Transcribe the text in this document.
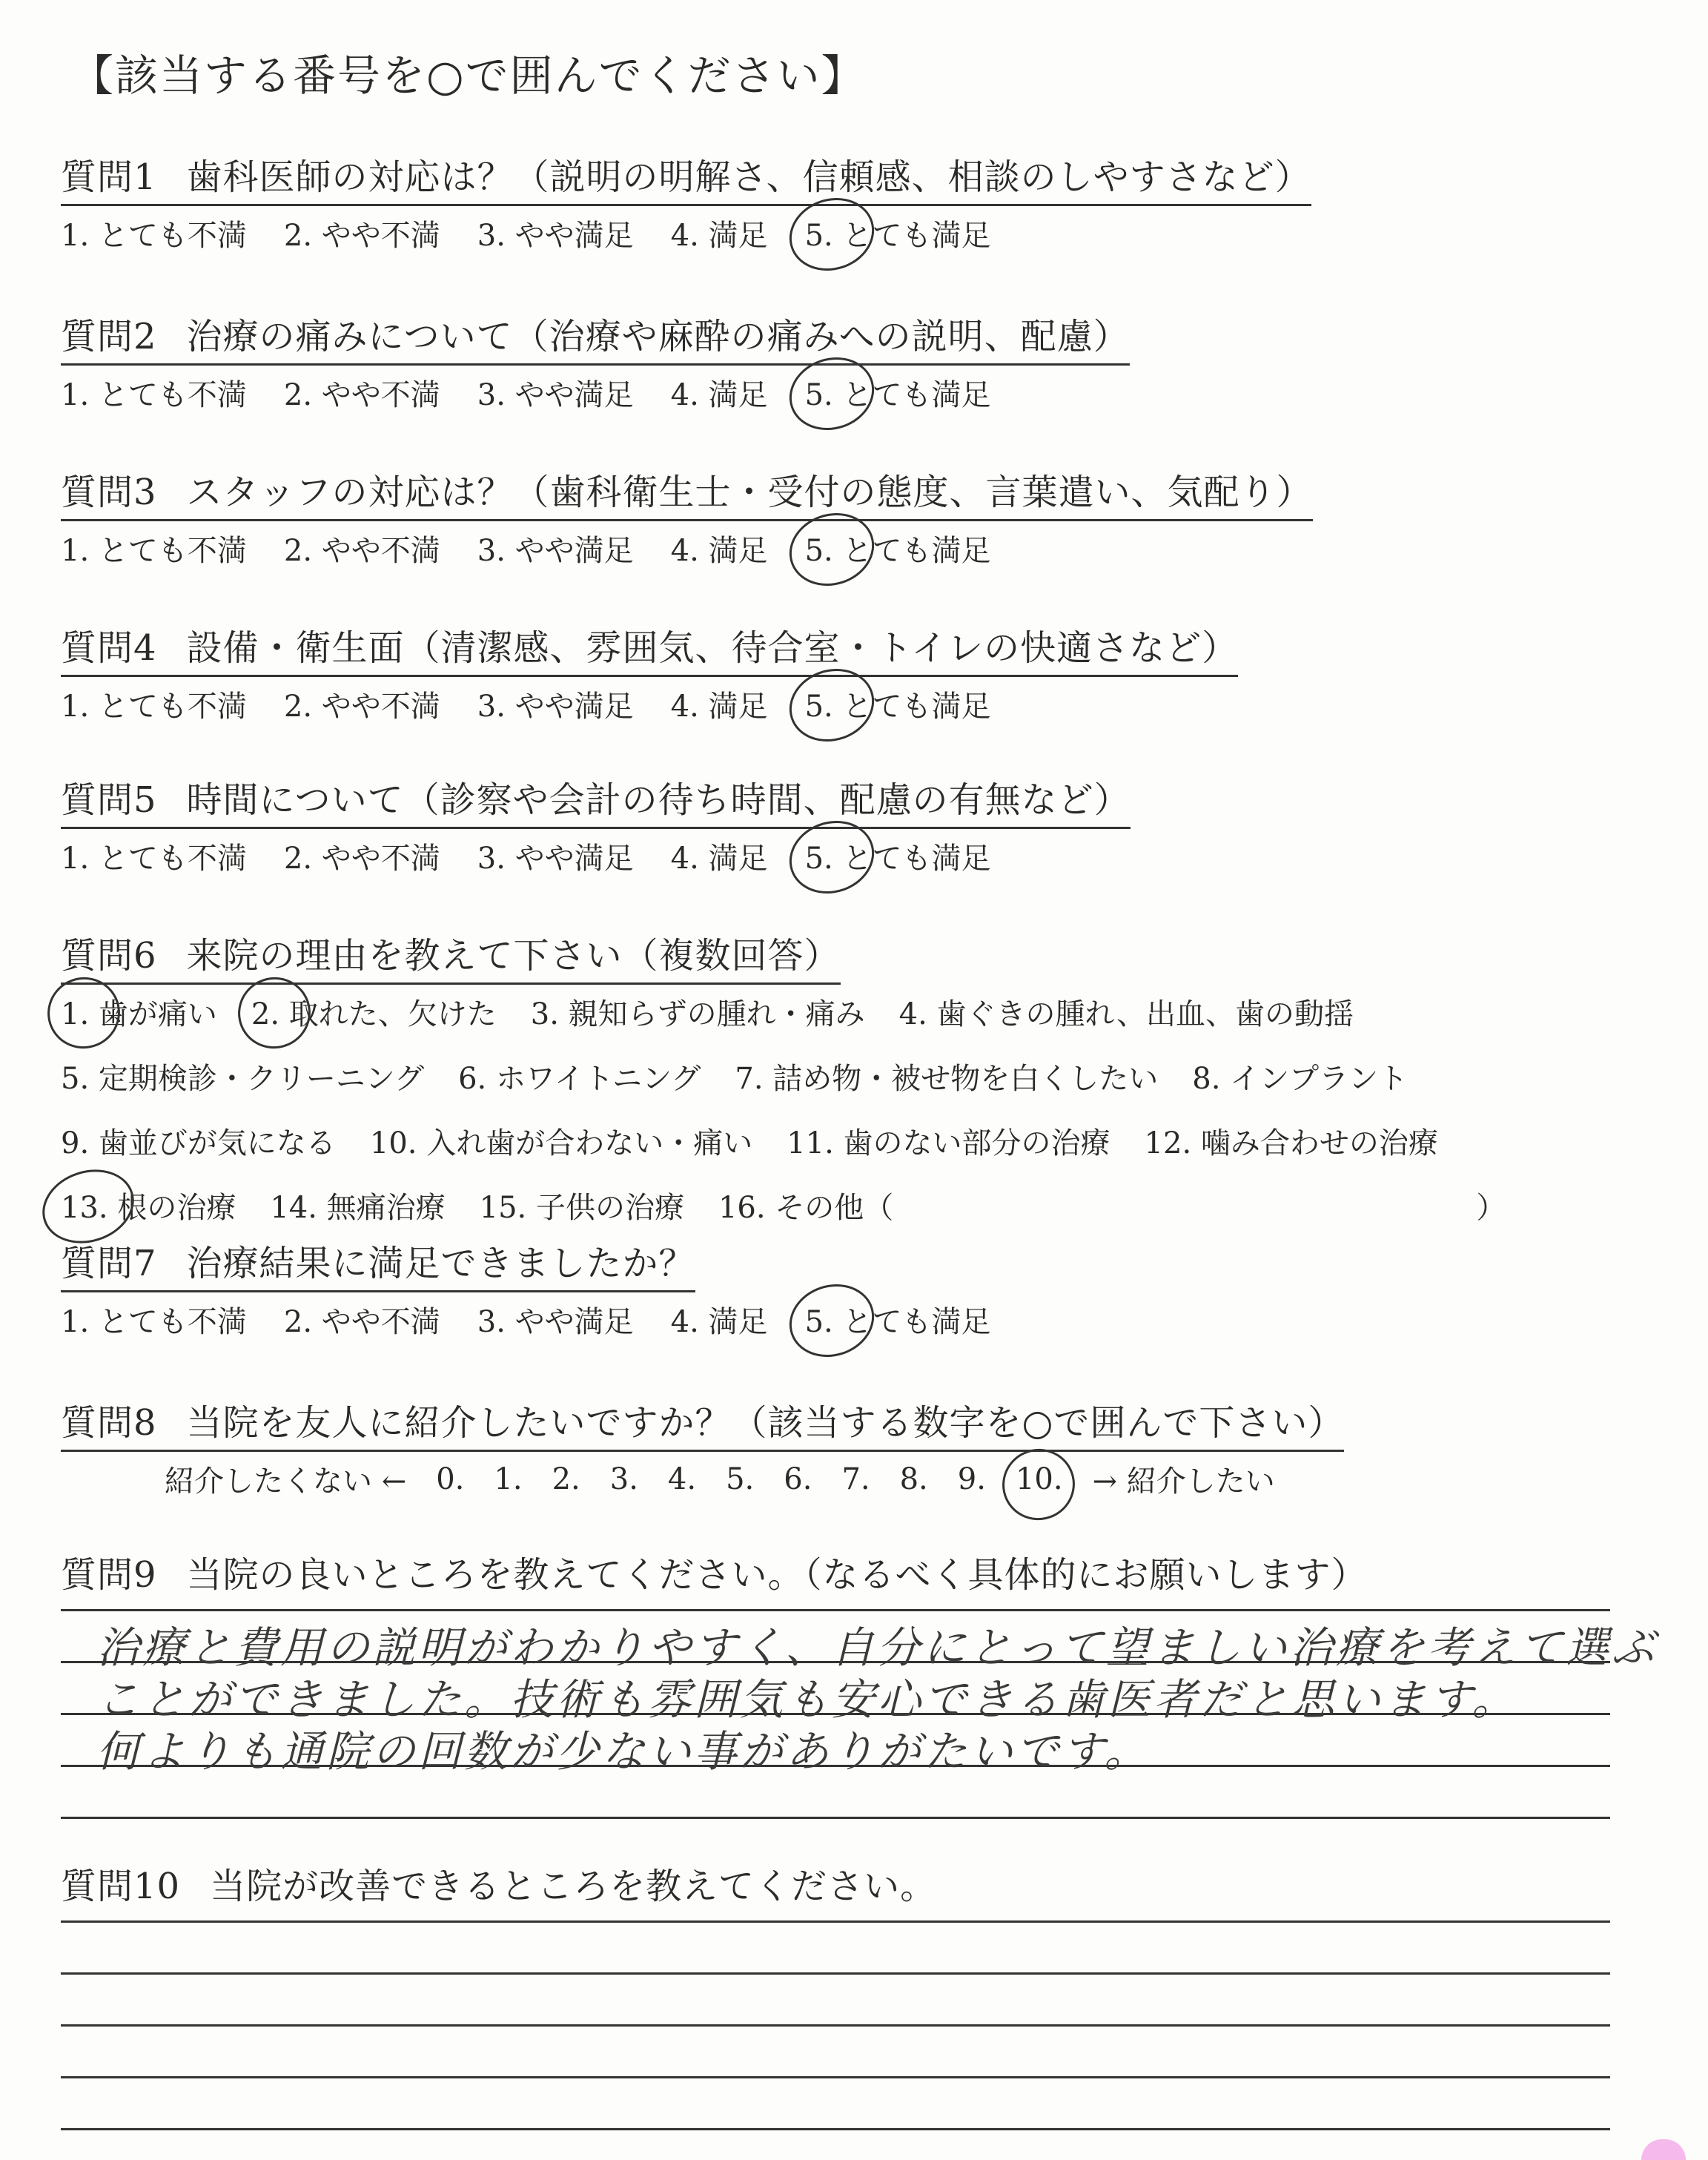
【該当する番号を○で囲んでください】
質問1 歯科医師の対応は？（説明の明解さ、信頼感、相談のしやすさなど）
1. とても不満 2. やや不満 3. やや満足 4. 満足 5. とても満足
質問2 治療の痛みについて（治療や麻酔の痛みへの説明、配慮）
1. とても不満 2. やや不満 3. やや満足 4. 満足 5. とても満足
質問3 スタッフの対応は？（歯科衛生士・受付の態度、言葉遣い、気配り）
1. とても不満 2. やや不満 3. やや満足 4. 満足 5. とても満足
質問4 設備・衛生面（清潔感、雰囲気、待合室・トイレの快適さなど）
1. とても不満 2. やや不満 3. やや満足 4. 満足 5. とても満足
質問5 時間について（診察や会計の待ち時間、配慮の有無など）
1. とても不満 2. やや不満 3. やや満足 4. 満足 5. とても満足
質問6 来院の理由を教えて下さい（複数回答）
1. 歯が痛い 2. 取れた、欠けた 3. 親知らずの腫れ・痛み 4. 歯ぐきの腫れ、出血、歯の動揺
5. 定期検診・クリーニング 6. ホワイトニング 7. 詰め物・被せ物を白くしたい 8. インプラント
9. 歯並びが気になる 10. 入れ歯が合わない・痛い 11. 歯のない部分の治療 12. 噛み合わせの治療
13. 根の治療 14. 無痛治療 15. 子供の治療 16. その他（	）
質問7 治療結果に満足できましたか？
1. とても不満 2. やや不満 3. やや満足 4. 満足 5. とても満足
質問8 当院を友人に紹介したいですか？（該当する数字を○で囲んで下さい）
紹介したくない ← 0. 1. 2. 3. 4. 5. 6. 7. 8. 9. 10. → 紹介したい
質問9 当院の良いところを教えてください。（なるべく具体的にお願いします）
治療と費用の説明がわかりやすく、自分にとって望ましい治療を考えて選ぶ
ことができました。技術も雰囲気も安心できる歯医者だと思います。
何よりも通院の回数が少ない事がありがたいです。
質問10 当院が改善できるところを教えてください。
